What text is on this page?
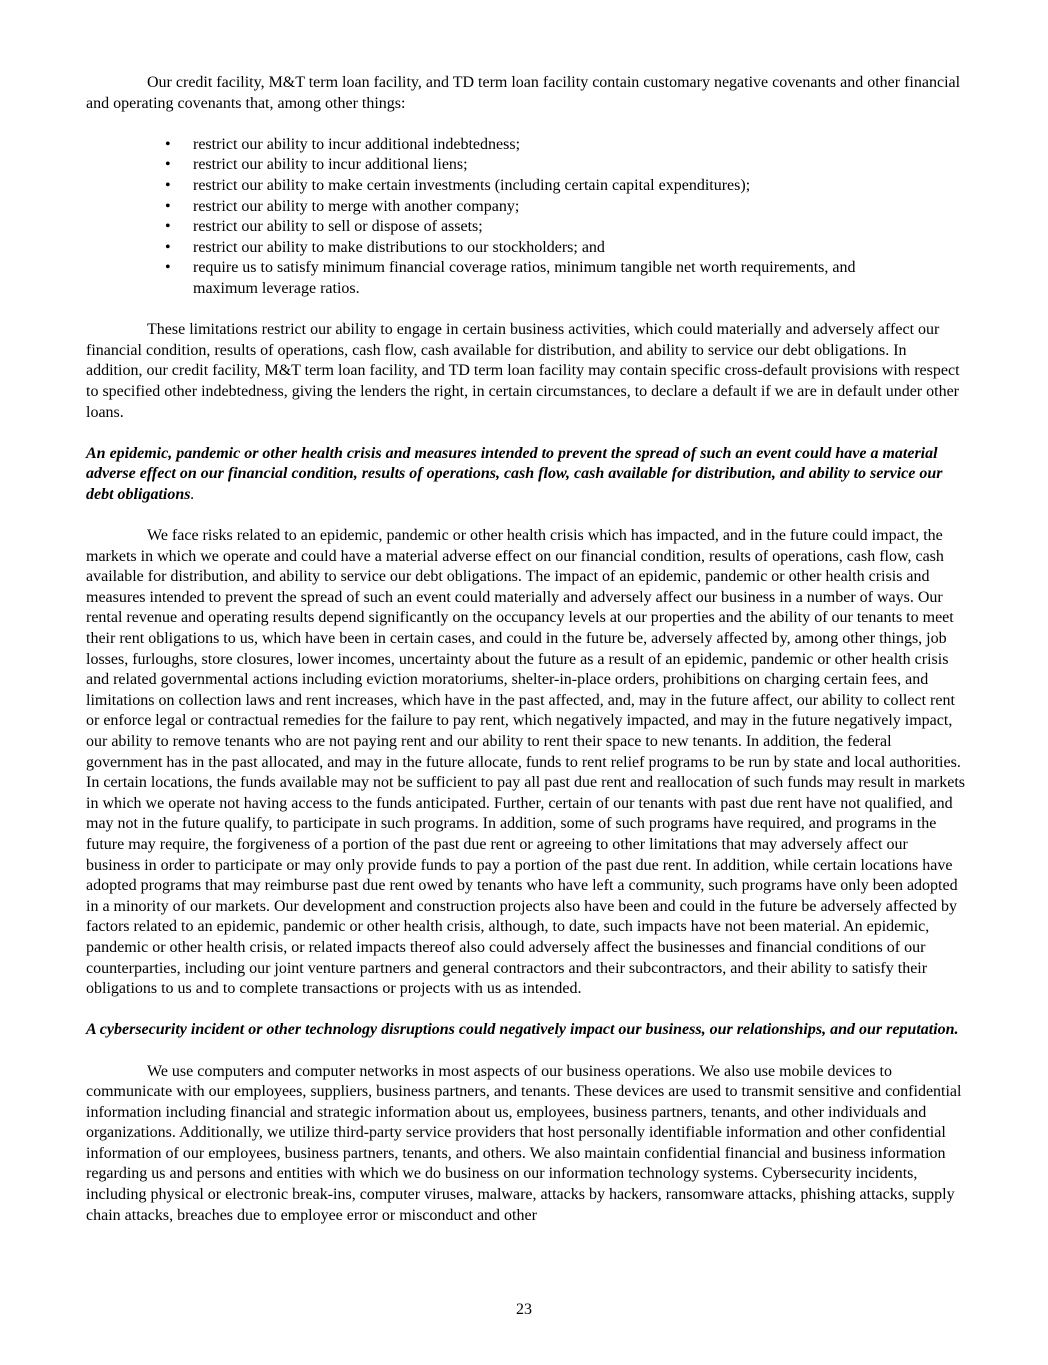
Our credit facility, M&T term loan facility, and TD term loan facility contain customary negative covenants and other financial and operating covenants that, among other things:

• restrict our ability to incur additional indebtedness;
• restrict our ability to incur additional liens;
• restrict our ability to make certain investments (including certain capital expenditures);
• restrict our ability to merge with another company;
• restrict our ability to sell or dispose of assets;
• restrict our ability to make distributions to our stockholders; and
• require us to satisfy minimum financial coverage ratios, minimum tangible net worth requirements, and maximum leverage ratios.

These limitations restrict our ability to engage in certain business activities, which could materially and adversely affect our financial condition, results of operations, cash flow, cash available for distribution, and ability to service our debt obligations. In addition, our credit facility, M&T term loan facility, and TD term loan facility may contain specific cross-default provisions with respect to specified other indebtedness, giving the lenders the right, in certain circumstances, to declare a default if we are in default under other loans.

An epidemic, pandemic or other health crisis and measures intended to prevent the spread of such an event could have a material adverse effect on our financial condition, results of operations, cash flow, cash available for distribution, and ability to service our debt obligations.

We face risks related to an epidemic, pandemic or other health crisis which has impacted, and in the future could impact, the markets in which we operate and could have a material adverse effect on our financial condition, results of operations, cash flow, cash available for distribution, and ability to service our debt obligations. The impact of an epidemic, pandemic or other health crisis and measures intended to prevent the spread of such an event could materially and adversely affect our business in a number of ways. Our rental revenue and operating results depend significantly on the occupancy levels at our properties and the ability of our tenants to meet their rent obligations to us, which have been in certain cases, and could in the future be, adversely affected by, among other things, job losses, furloughs, store closures, lower incomes, uncertainty about the future as a result of an epidemic, pandemic or other health crisis and related governmental actions including eviction moratoriums, shelter-in-place orders, prohibitions on charging certain fees, and limitations on collection laws and rent increases, which have in the past affected, and, may in the future affect, our ability to collect rent or enforce legal or contractual remedies for the failure to pay rent, which negatively impacted, and may in the future negatively impact, our ability to remove tenants who are not paying rent and our ability to rent their space to new tenants. In addition, the federal government has in the past allocated, and may in the future allocate, funds to rent relief programs to be run by state and local authorities. In certain locations, the funds available may not be sufficient to pay all past due rent and reallocation of such funds may result in markets in which we operate not having access to the funds anticipated. Further, certain of our tenants with past due rent have not qualified, and may not in the future qualify, to participate in such programs. In addition, some of such programs have required, and programs in the future may require, the forgiveness of a portion of the past due rent or agreeing to other limitations that may adversely affect our business in order to participate or may only provide funds to pay a portion of the past due rent. In addition, while certain locations have adopted programs that may reimburse past due rent owed by tenants who have left a community, such programs have only been adopted in a minority of our markets. Our development and construction projects also have been and could in the future be adversely affected by factors related to an epidemic, pandemic or other health crisis, although, to date, such impacts have not been material. An epidemic, pandemic or other health crisis, or related impacts thereof also could adversely affect the businesses and financial conditions of our counterparties, including our joint venture partners and general contractors and their subcontractors, and their ability to satisfy their obligations to us and to complete transactions or projects with us as intended.

A cybersecurity incident or other technology disruptions could negatively impact our business, our relationships, and our reputation.

We use computers and computer networks in most aspects of our business operations. We also use mobile devices to communicate with our employees, suppliers, business partners, and tenants. These devices are used to transmit sensitive and confidential information including financial and strategic information about us, employees, business partners, tenants, and other individuals and organizations. Additionally, we utilize third-party service providers that host personally identifiable information and other confidential information of our employees, business partners, tenants, and others. We also maintain confidential financial and business information regarding us and persons and entities with which we do business on our information technology systems. Cybersecurity incidents, including physical or electronic break-ins, computer viruses, malware, attacks by hackers, ransomware attacks, phishing attacks, supply chain attacks, breaches due to employee error or misconduct and other

23
